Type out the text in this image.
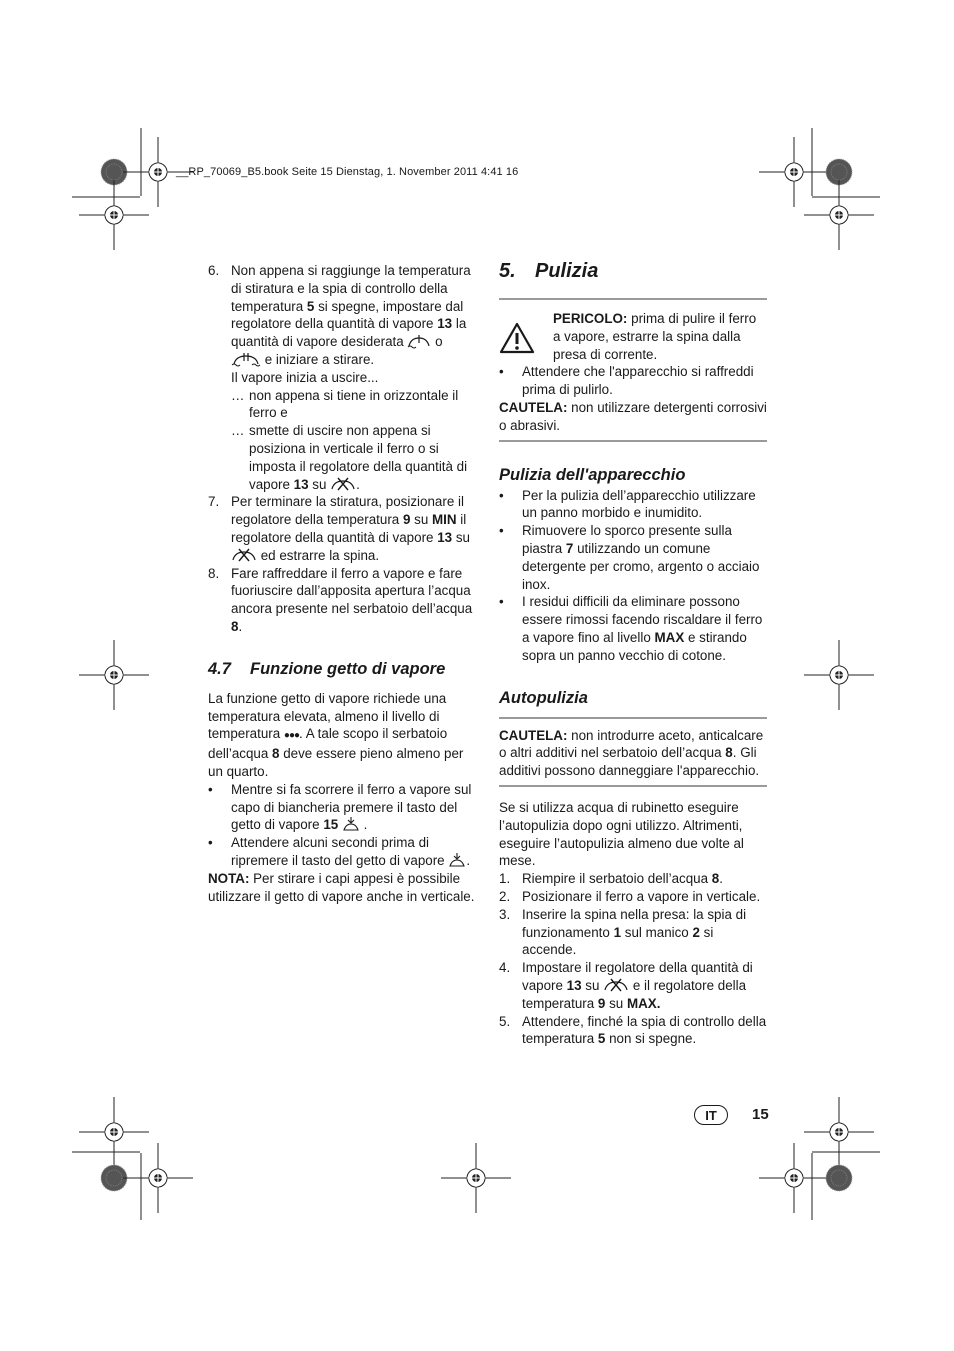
__RP_70069_B5.book Seite 15 Dienstag, 1. November 2011 4:41 16
6. Non appena si raggiunge la temperatura di stiratura e la spia di controllo della temperatura 5 si spegne, impostare dal regolatore della quantità di vapore 13 la quantità di vapore desiderata  o
e iniziare a stirare.
Il vapore inizia a uscire...
… non appena si tiene in orizzontale il ferro e
… smette di uscire non appena si posiziona in verticale il ferro o si imposta il regolatore della quantità di vapore 13 su .
7. Per terminare la stiratura, posizionare il regolatore della temperatura 9 su MIN il regolatore della quantità di vapore 13 su  ed estrarre la spina.
8. Fare raffreddare il ferro a vapore e fare fuoriuscire dall’apposita apertura l’acqua ancora presente nel serbatoio dell’acqua 8.
4.7 Funzione getto di vapore
La funzione getto di vapore richiede una temperatura elevata, almeno il livello di temperatura ●●●. A tale scopo il serbatoio dell’acqua 8 deve essere pieno almeno per un quarto.
• Mentre si fa scorrere il ferro a vapore sul capo di biancheria premere il tasto del getto di vapore 15  .
• Attendere alcuni secondi prima di ripremere il tasto del getto di vapore .
NOTA: Per stirare i capi appesi è possibile utilizzare il getto di vapore anche in verticale.
5. Pulizia
PERICOLO: prima di pulire il ferro a vapore, estrarre la spina dalla presa di corrente.
• Attendere che l'apparecchio si raffreddi prima di pulirlo.
CAUTELA: non utilizzare detergenti corrosivi o abrasivi.
Pulizia dell'apparecchio
• Per la pulizia dell’apparecchio utilizzare un panno morbido e inumidito.
• Rimuovere lo sporco presente sulla piastra 7 utilizzando un comune detergente per cromo, argento o acciaio inox.
• I residui difficili da eliminare possono essere rimossi facendo riscaldare il ferro a vapore fino al livello MAX e stirando sopra un panno vecchio di cotone.
Autopulizia
CAUTELA: non introdurre aceto, anticalcare o altri additivi nel serbatoio dell’acqua 8. Gli additivi possono danneggiare l'apparecchio.
Se si utilizza acqua di rubinetto eseguire l’autopulizia dopo ogni utilizzo. Altrimenti, eseguire l’autopulizia almeno due volte al mese.
1. Riempire il serbatoio dell’acqua 8.
2. Posizionare il ferro a vapore in verticale.
3. Inserire la spina nella presa: la spia di funzionamento 1 sul manico 2 si accende.
4. Impostare il regolatore della quantità di vapore 13 su  e il regolatore della temperatura 9 su MAX.
5. Attendere, finché la spia di controllo della temperatura 5 non si spegne.
IT	15
